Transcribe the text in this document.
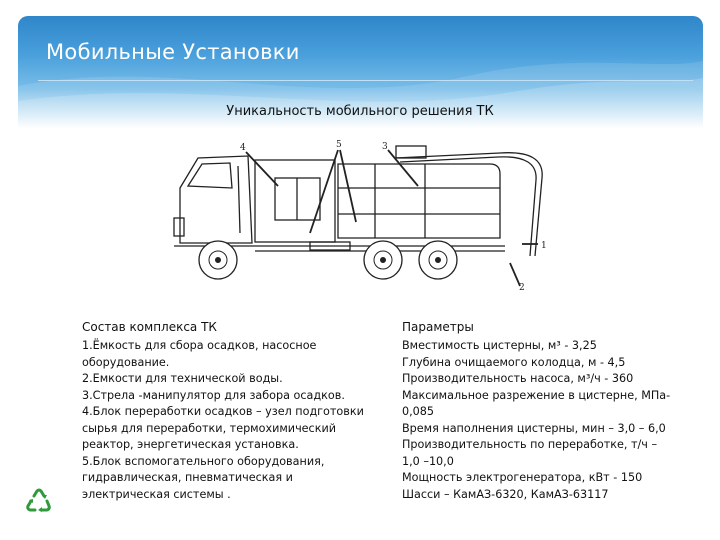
Мобильные Установки
Уникальность мобильного решения ТК
4	5	3
1
2
Состав комплекса ТК
1.Ёмкость для сбора осадков, насосное
оборудование.
2.Емкости для технической воды.
3.Стрела -манипулятор для забора осадков.
4.Блок переработки осадков – узел подготовки
сырья для переработки, термохимический
реактор, энергетическая установка.
5.Блок вспомогательного оборудования,
гидравлическая, пневматическая и
электрическая системы .
Параметры
Вместимость цистерны, м³ - 3,25
Глубина очищаемого колодца, м - 4,5
Производительность насоса, м³/ч - 360
Максимальное разрежение в цистерне, МПа-
0,085
Время наполнения цистерны, мин – 3,0 – 6,0
Производительность по переработке, т/ч –
1,0 –10,0
Мощность электрогенератора, кВт - 150
Шасси – КамАЗ-6320, КамАЗ-63117
